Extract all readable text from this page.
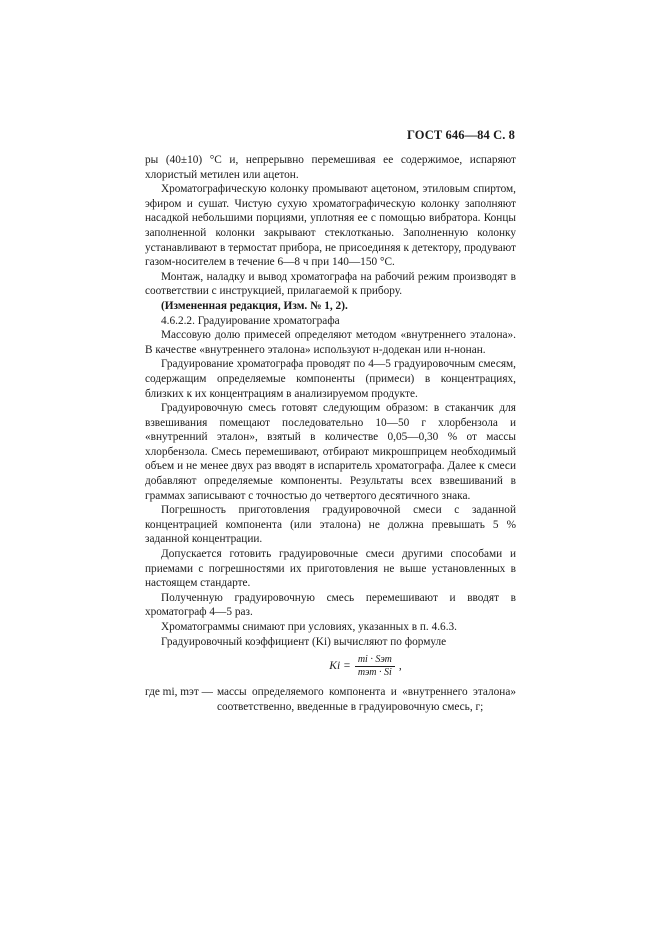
ГОСТ 646—84 С. 8

ры (40±10) °С и, непрерывно перемешивая ее содержимое, испаряют хлористый метилен или ацетон.

Хроматографическую колонку промывают ацетоном, этиловым спиртом, эфиром и сушат. Чистую сухую хроматографическую колонку заполняют насадкой небольшими порциями, уплотняя ее с помощью вибратора. Концы заполненной колонки закрывают стеклотканью. Заполненную колонку устанавливают в термостат прибора, не присоединяя к детектору, продувают газом-носителем в течение 6—8 ч при 140—150 °С.

Монтаж, наладку и вывод хроматографа на рабочий режим производят в соответствии с инструкцией, прилагаемой к прибору.

(Измененная редакция, Изм. № 1, 2).

4.6.2.2. Градуирование хроматографа

Массовую долю примесей определяют методом «внутреннего эталона». В качестве «внутреннего эталона» используют н-додекан или н-нонан.

Градуирование хроматографа проводят по 4—5 градуировочным смесям, содержащим определяемые компоненты (примеси) в концентрациях, близких к их концентрациям в анализируемом продукте.

Градуировочную смесь готовят следующим образом: в стаканчик для взвешивания помещают последовательно 10—50 г хлорбензола и «внутренний эталон», взятый в количестве 0,05—0,30 % от массы хлорбензола. Смесь перемешивают, отбирают микрошприцем необходимый объем и не менее двух раз вводят в испаритель хроматографа. Далее к смеси добавляют определяемые компоненты. Результаты всех взвешиваний в граммах записывают с точностью до четвертого десятичного знака.

Погрешность приготовления градуировочной смеси с заданной концентрацией компонента (или эталона) не должна превышать 5 % заданной концентрации.

Допускается готовить градуировочные смеси другими способами и приемами с погрешностями их приготовления не выше установленных в настоящем стандарте.

Полученную градуировочную смесь перемешивают и вводят в хроматограф 4—5 раз.

Хроматограммы снимают при условиях, указанных в п. 4.6.3.

Градуировочный коэффициент (Ki) вычисляют по формуле

$Ki = \frac{\text{mi · Sэт}}{\text{mэт · Si}}$ ,
где mi, mэт — массы определяемого компонента и «внутреннего эталона» соответственно, введенные в градуировочную смесь, г;
